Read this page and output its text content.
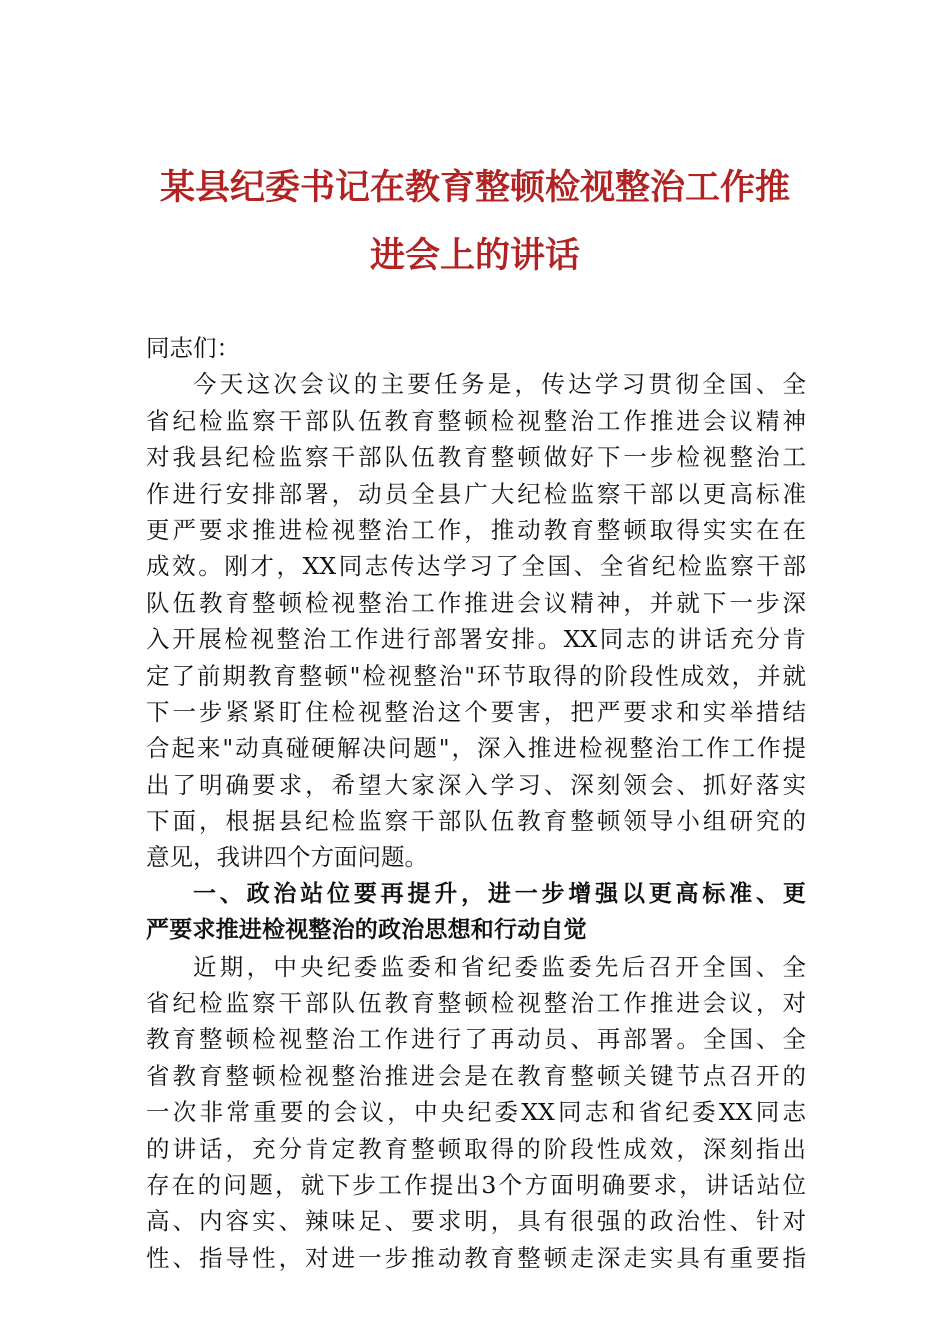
某县纪委书记在教育整顿检视整治工作推
进会上的讲话
同志们：
今天这次会议的主要任务是，传达学习贯彻全国、全
省纪检监察干部队伍教育整顿检视整治工作推进会议精神
对我县纪检监察干部队伍教育整顿做好下一步检视整治工
作进行安排部署，动员全县广大纪检监察干部以更高标准
更严要求推进检视整治工作，推动教育整顿取得实实在在
成效。刚才，XX同志传达学习了全国、全省纪检监察干部
队伍教育整顿检视整治工作推进会议精神，并就下一步深
入开展检视整治工作进行部署安排。XX同志的讲话充分肯
定了前期教育整顿"检视整治"环节取得的阶段性成效，并就
下一步紧紧盯住检视整治这个要害，把严要求和实举措结
合起来"动真碰硬解决问题"，深入推进检视整治工作工作提
出了明确要求，希望大家深入学习、深刻领会、抓好落实
下面，根据县纪检监察干部队伍教育整顿领导小组研究的
意见，我讲四个方面问题。
一、政治站位要再提升，进一步增强以更高标准、更
严要求推进检视整治的政治思想和行动自觉
近期，中央纪委监委和省纪委监委先后召开全国、全
省纪检监察干部队伍教育整顿检视整治工作推进会议，对
教育整顿检视整治工作进行了再动员、再部署。全国、全
省教育整顿检视整治推进会是在教育整顿关键节点召开的
一次非常重要的会议，中央纪委XX同志和省纪委XX同志
的讲话，充分肯定教育整顿取得的阶段性成效，深刻指出
存在的问题，就下步工作提出3个方面明确要求，讲话站位
高、内容实、辣味足、要求明，具有很强的政治性、针对
性、指导性，对进一步推动教育整顿走深走实具有重要指
